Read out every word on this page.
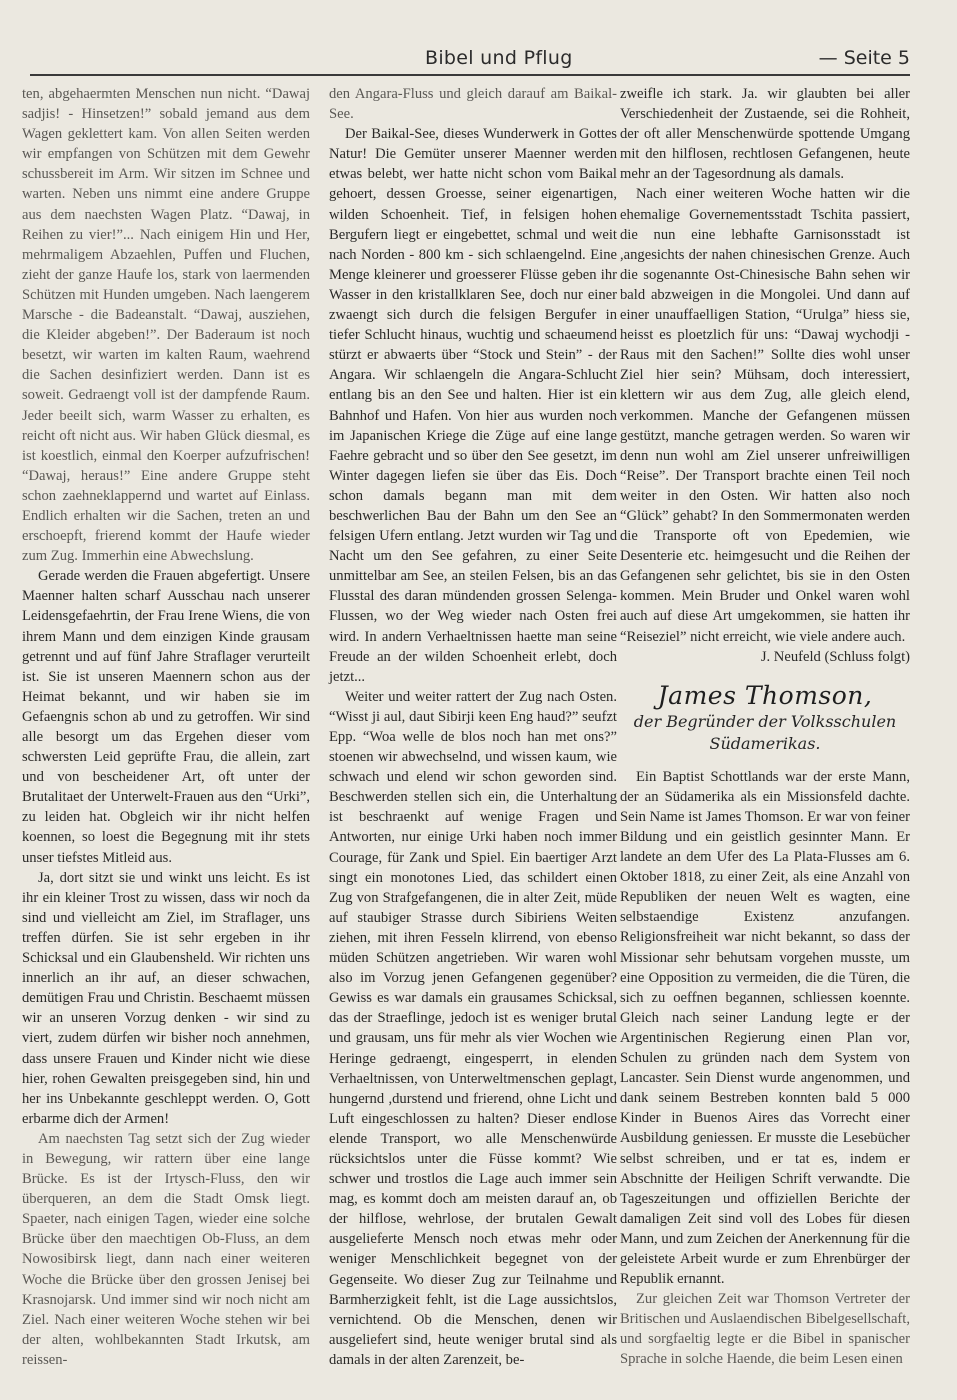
Bibel und Pflug	— Seite 5

ten, abgehaermten Menschen nun nicht. “Dawaj sadjis! - Hinsetzen!” sobald jemand aus dem Wagen geklettert kam. Von allen Seiten werden wir empfangen von Schützen mit dem Gewehr schussbereit im Arm. Wir sitzen im Schnee und warten. Neben uns nimmt eine andere Gruppe aus dem naechsten Wagen Platz. “Dawaj, in Reihen zu vier!”... Nach einigem Hin und Her, mehrmaligem Abzaehlen, Puffen und Fluchen, zieht der ganze Haufe los, stark von laermenden Schützen mit Hunden umgeben. Nach laengerem Marsche - die Badeanstalt. “Dawaj, ausziehen, die Kleider abgeben!”. Der Baderaum ist noch besetzt, wir warten im kalten Raum, waehrend die Sachen desinfiziert werden. Dann ist es soweit. Gedraengt voll ist der dampfende Raum. Jeder beeilt sich, warm Wasser zu erhalten, es reicht oft nicht aus. Wir haben Glück diesmal, es ist koestlich, einmal den Koerper aufzufrischen! “Dawaj, heraus!” Eine andere Gruppe steht schon zaehneklappernd und wartet auf Einlass. Endlich erhalten wir die Sachen, treten an und erschoepft, frierend kommt der Haufe wieder zum Zug. Immerhin eine Abwechslung.

Gerade werden die Frauen abgefertigt. Unsere Maenner halten scharf Ausschau nach unserer Leidensgefaehrtin, der Frau Irene Wiens, die von ihrem Mann und dem einzigen Kinde grausam getrennt und auf fünf Jahre Straflager verurteilt ist. Sie ist unseren Maennern schon aus der Heimat bekannt, und wir haben sie im Gefaengnis schon ab und zu getroffen. Wir sind alle besorgt um das Ergehen dieser vom schwersten Leid geprüfte Frau, die allein, zart und von bescheidener Art, oft unter der Brutalitaet der Unterwelt-Frauen aus den “Urki”, zu leiden hat. Obgleich wir ihr nicht helfen koennen, so loest die Begegnung mit ihr stets unser tiefstes Mitleid aus.

Ja, dort sitzt sie und winkt uns leicht. Es ist ihr ein kleiner Trost zu wissen, dass wir noch da sind und vielleicht am Ziel, im Straflager, uns treffen dürfen. Sie ist sehr ergeben in ihr Schicksal und ein Glaubensheld. Wir richten uns innerlich an ihr auf, an dieser schwachen, demütigen Frau und Christin. Beschaemt müssen wir an unseren Vorzug denken - wir sind zu viert, zudem dürfen wir bisher noch annehmen, dass unsere Frauen und Kinder nicht wie diese hier, rohen Gewalten preisgegeben sind, hin und her ins Unbekannte geschleppt werden. O, Gott erbarme dich der Armen!

Am naechsten Tag setzt sich der Zug wieder in Bewegung, wir rattern über eine lange Brücke. Es ist der Irtysch-Fluss, den wir überqueren, an dem die Stadt Omsk liegt. Spaeter, nach einigen Tagen, wieder eine solche Brücke über den maechtigen Ob-Fluss, an dem Nowosibirsk liegt, dann nach einer weiteren Woche die Brücke über den grossen Jenisej bei Krasnojarsk. Und immer sind wir noch nicht am Ziel. Nach einer weiteren Woche stehen wir bei der alten, wohlbekannten Stadt Irkutsk, am reissen-

den Angara-Fluss und gleich darauf am Baikal-See.

Der Baikal-See, dieses Wunderwerk in Gottes Natur! Die Gemüter unserer Maenner werden etwas belebt, wer hatte nicht schon vom Baikal gehoert, dessen Groesse, seiner eigenartigen, wilden Schoenheit. Tief, in felsigen hohen Bergufern liegt er eingebettet, schmal und weit nach Norden - 800 km - sich schlaengelnd. Eine Menge kleinerer und groesserer Flüsse geben ihr Wasser in den kristallklaren See, doch nur einer zwaengt sich durch die felsigen Bergufer in tiefer Schlucht hinaus, wuchtig und schaeumend stürzt er abwaerts über “Stock und Stein” - der Angara. Wir schlaengeln die Angara-Schlucht entlang bis an den See und halten. Hier ist ein Bahnhof und Hafen. Von hier aus wurden noch im Japanischen Kriege die Züge auf eine lange Faehre gebracht und so über den See gesetzt, im Winter dagegen liefen sie über das Eis. Doch schon damals begann man mit dem beschwerlichen Bau der Bahn um den See an felsigen Ufern entlang. Jetzt wurden wir Tag und Nacht um den See gefahren, zu einer Seite unmittelbar am See, an steilen Felsen, bis an das Flusstal des daran mündenden grossen Selenga-Flussen, wo der Weg wieder nach Osten frei wird. In andern Verhaeltnissen haette man seine Freude an der wilden Schoenheit erlebt, doch jetzt...

Weiter und weiter rattert der Zug nach Osten. “Wisst ji aul, daut Sibirji keen Eng haud?” seufzt Epp. “Woa welle de blos noch han met ons?” stoenen wir abwechselnd, und wissen kaum, wie schwach und elend wir schon geworden sind. Beschwerden stellen sich ein, die Unterhaltung ist beschraenkt auf wenige Fragen und Antworten, nur einige Urki haben noch immer Courage, für Zank und Spiel. Ein baertiger Arzt singt ein monotones Lied, das schildert einen Zug von Strafgefangenen, die in alter Zeit, müde auf staubiger Strasse durch Sibiriens Weiten ziehen, mit ihren Fesseln klirrend, von ebenso müden Schützen angetrieben. Wir waren wohl also im Vorzug jenen Gefangenen gegenüber? Gewiss es war damals ein grausames Schicksal, das der Straeflinge, jedoch ist es weniger brutal und grausam, uns für mehr als vier Wochen wie Heringe gedraengt, eingesperrt, in elenden Verhaeltnissen, von Unterweltmenschen geplagt, hungernd ,durstend und frierend, ohne Licht und Luft eingeschlossen zu halten? Dieser endlose elende Transport, wo alle Menschenwürde rücksichtslos unter die Füsse kommt? Wie schwer und trostlos die Lage auch immer sein mag, es kommt doch am meisten darauf an, ob der hilflose, wehrlose, der brutalen Gewalt ausgelieferte Mensch noch etwas mehr oder weniger Menschlichkeit begegnet von der Gegenseite. Wo dieser Zug zur Teilnahme und Barmherzigkeit fehlt, ist die Lage aussichtslos, vernichtend. Ob die Menschen, denen wir ausgeliefert sind, heute weniger brutal sind als damals in der alten Zarenzeit, be-

zweifle ich stark. Ja. wir glaubten bei aller Verschiedenheit der Zustaende, sei die Rohheit, der oft aller Menschenwürde spottende Umgang mit den hilflosen, rechtlosen Gefangenen, heute mehr an der Tagesordnung als damals.

Nach einer weiteren Woche hatten wir die ehemalige Governementsstadt Tschita passiert, die nun eine lebhafte Garnisonsstadt ist ,angesichts der nahen chinesischen Grenze. Auch die sogenannte Ost-Chinesische Bahn sehen wir bald abzweigen in die Mongolei. Und dann auf einer unauffaelligen Station, “Urulga” hiess sie, heisst es ploetzlich für uns: “Dawaj wychodji - Raus mit den Sachen!” Sollte dies wohl unser Ziel hier sein? Mühsam, doch interessiert, klettern wir aus dem Zug, alle gleich elend, verkommen. Manche der Gefangenen müssen gestützt, manche getragen werden. So waren wir denn nun wohl am Ziel unserer unfreiwilligen “Reise”. Der Transport brachte einen Teil noch weiter in den Osten. Wir hatten also noch “Glück” gehabt? In den Sommermonaten werden die Transporte oft von Epedemien, wie Desenterie etc. heimgesucht und die Reihen der Gefangenen sehr gelichtet, bis sie in den Osten kommen. Mein Bruder und Onkel waren wohl auch auf diese Art umgekommen, sie hatten ihr “Reiseziel” nicht erreicht, wie viele andere auch.

J. Neufeld (Schluss folgt)

James Thomson,
der Begründer der Volksschulen
Südamerikas.

Ein Baptist Schottlands war der erste Mann, der an Südamerika als ein Missionsfeld dachte. Sein Name ist James Thomson. Er war von feiner Bildung und ein geistlich gesinnter Mann. Er landete an dem Ufer des La Plata-Flusses am 6. Oktober 1818, zu einer Zeit, als eine Anzahl von Republiken der neuen Welt es wagten, eine selbstaendige Existenz anzufangen. Religionsfreiheit war nicht bekannt, so dass der Missionar sehr behutsam vorgehen musste, um eine Opposition zu vermeiden, die die Türen, die sich zu oeffnen begannen, schliessen koennte. Gleich nach seiner Landung legte er der Argentinischen Regierung einen Plan vor, Schulen zu gründen nach dem System von Lancaster. Sein Dienst wurde angenommen, und dank seinem Bestreben konnten bald 5 000 Kinder in Buenos Aires das Vorrecht einer Ausbildung geniessen. Er musste die Lesebücher selbst schreiben, und er tat es, indem er Abschnitte der Heiligen Schrift verwandte. Die Tageszeitungen und offiziellen Berichte der damaligen Zeit sind voll des Lobes für diesen Mann, und zum Zeichen der Anerkennung für die geleistete Arbeit wurde er zum Ehrenbürger der Republik ernannt.

Zur gleichen Zeit war Thomson Vertreter der Britischen und Auslaendischen Bibelgesellschaft, und sorgfaeltig legte er die Bibel in spanischer Sprache in solche Haende, die beim Lesen einen
